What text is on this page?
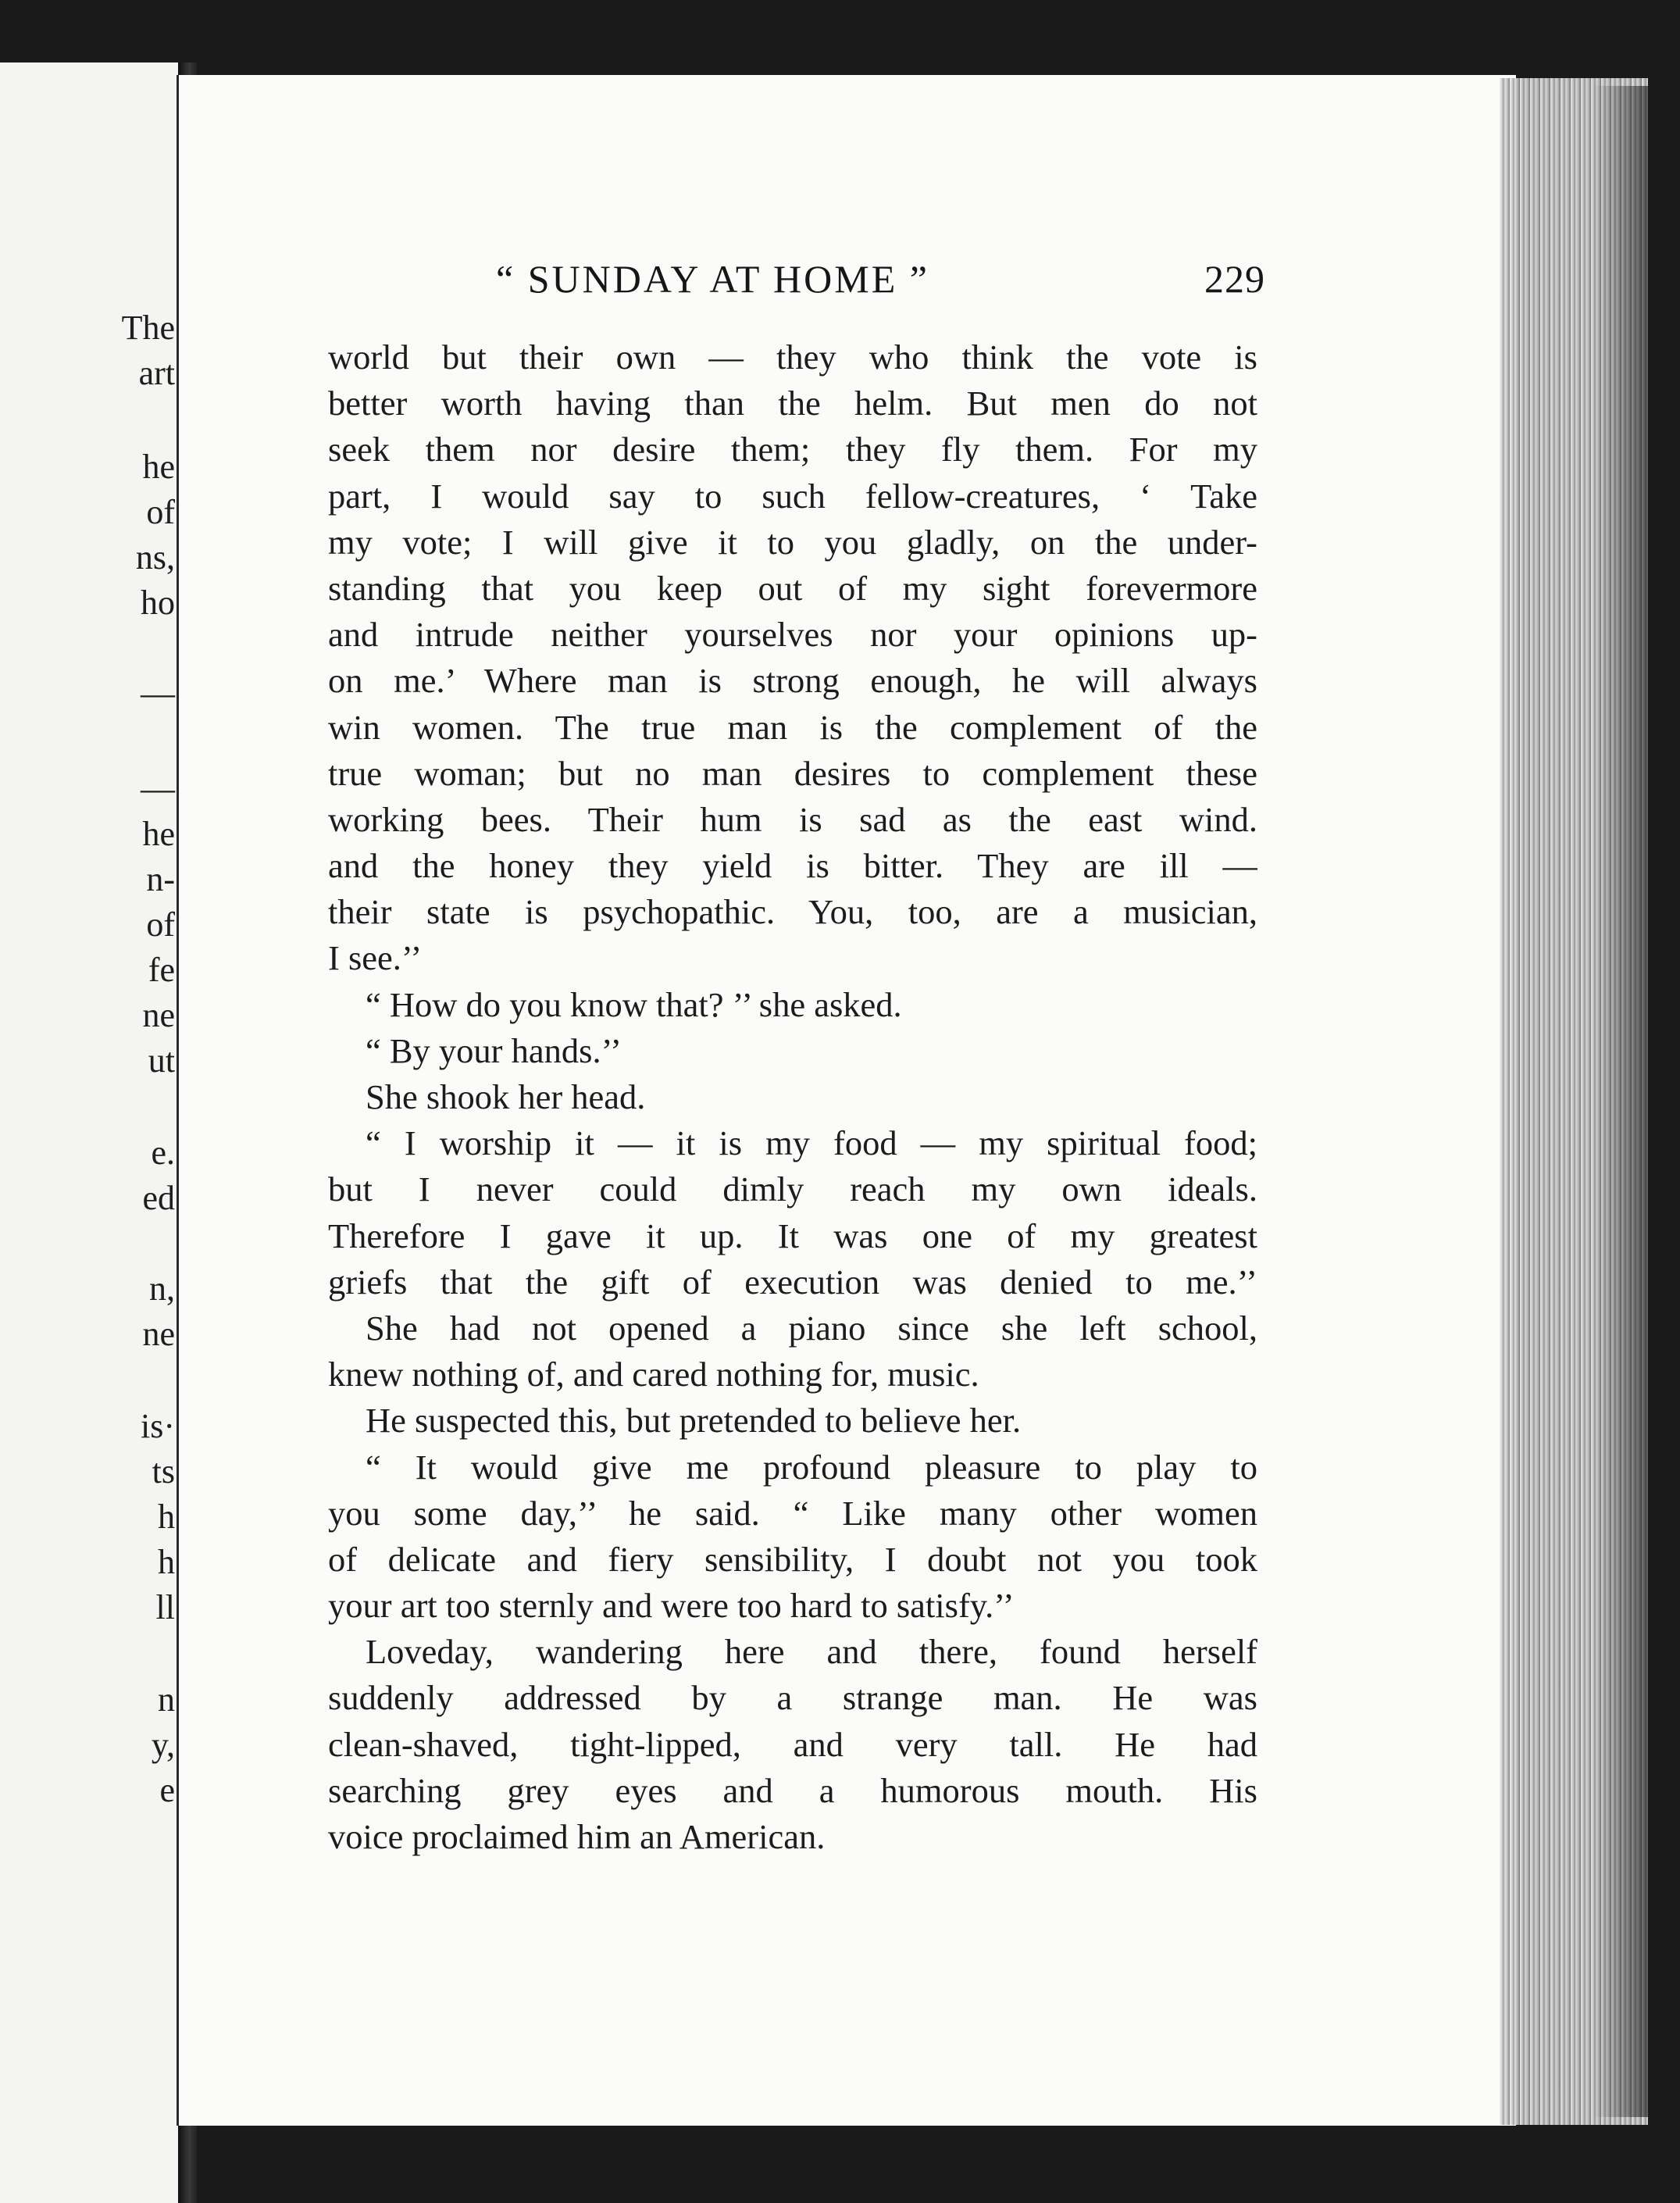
The
art
he
of
ns,
ho
—
—
he
n-
of
fe
ne
ut
e.
ed
n,
ne
is·
ts
h
h
ll
n
y,
e
“ SUNDAY AT HOME ”	229
world but their own — they who think the vote is
better worth having than the helm. But men do not
seek them nor desire them; they fly them. For my
part, I would say to such fellow-creatures, ‘ Take
my vote; I will give it to you gladly, on the under-
standing that you keep out of my sight forevermore
and intrude neither yourselves nor your opinions up-
on me.’ Where man is strong enough, he will always
win women. The true man is the complement of the
true woman; but no man desires to complement these
working bees. Their hum is sad as the east wind.
and the honey they yield is bitter. They are ill —
their state is psychopathic. You, too, are a musician,
I see.’’
“ How do you know that? ’’ she asked.
“ By your hands.’’
She shook her head.
“ I worship it — it is my food — my spiritual food;
but I never could dimly reach my own ideals.
Therefore I gave it up. It was one of my greatest
griefs that the gift of execution was denied to me.’’
She had not opened a piano since she left school,
knew nothing of, and cared nothing for, music.
He suspected this, but pretended to believe her.
“ It would give me profound pleasure to play to
you some day,’’ he said. “ Like many other women
of delicate and fiery sensibility, I doubt not you took
your art too sternly and were too hard to satisfy.’’
Loveday, wandering here and there, found herself
suddenly addressed by a strange man. He was
clean-shaved, tight-lipped, and very tall. He had
searching grey eyes and a humorous mouth. His
voice proclaimed him an American.
